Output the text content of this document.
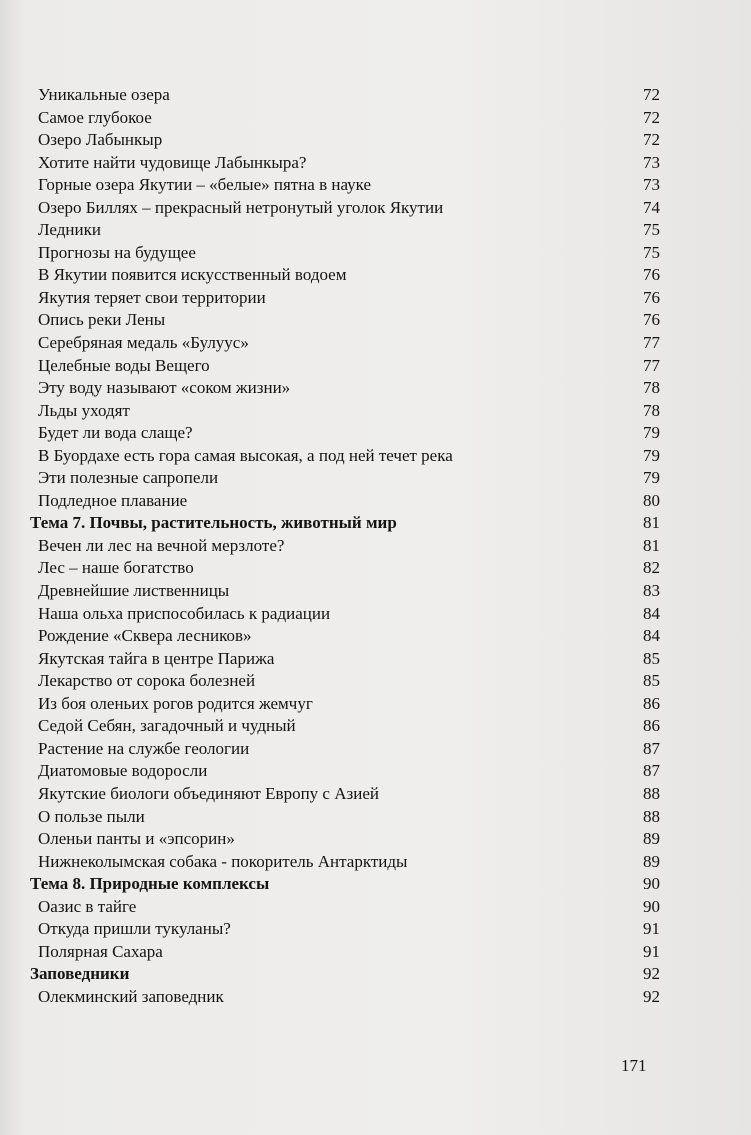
Уникальные озера	72
Самое глубокое	72
Озеро Лабынкыр	72
Хотите найти чудовище Лабынкыра?	73
Горные озера Якутии – «белые» пятна в науке	73
Озеро Биллях – прекрасный нетронутый уголок Якутии	74
Ледники	75
Прогнозы на будущее	75
В Якутии появится искусственный водоем	76
Якутия теряет свои территории	76
Опись реки Лены	76
Серебряная медаль «Булуус»	77
Целебные воды Вещего	77
Эту воду называют «соком жизни»	78
Льды уходят	78
Будет ли вода слаще?	79
В Буордахе есть гора самая высокая, а под ней течет река	79
Эти полезные сапропели	79
Подледное плавание	80
Тема 7. Почвы, растительность, животный мир	81
Вечен ли лес на вечной мерзлоте?	81
Лес – наше богатство	82
Древнейшие лиственницы	83
Наша ольха приспособилась к радиации	84
Рождение «Сквера лесников»	84
Якутская тайга в центре Парижа	85
Лекарство от сорока болезней	85
Из боя оленьих рогов родится жемчуг	86
Седой Себян, загадочный и чудный	86
Растение на службе геологии	87
Диатомовые водоросли	87
Якутские биологи объединяют Европу с Азией	88
О пользе пыли	88
Оленьи панты и «эпсорин»	89
Нижнеколымская собака - покоритель Антарктиды	89
Тема 8. Природные комплексы	90
Оазис в тайге	90
Откуда пришли тукуланы?	91
Полярная Сахара	91
Заповедники	92
Олекминский заповедник	92
171
